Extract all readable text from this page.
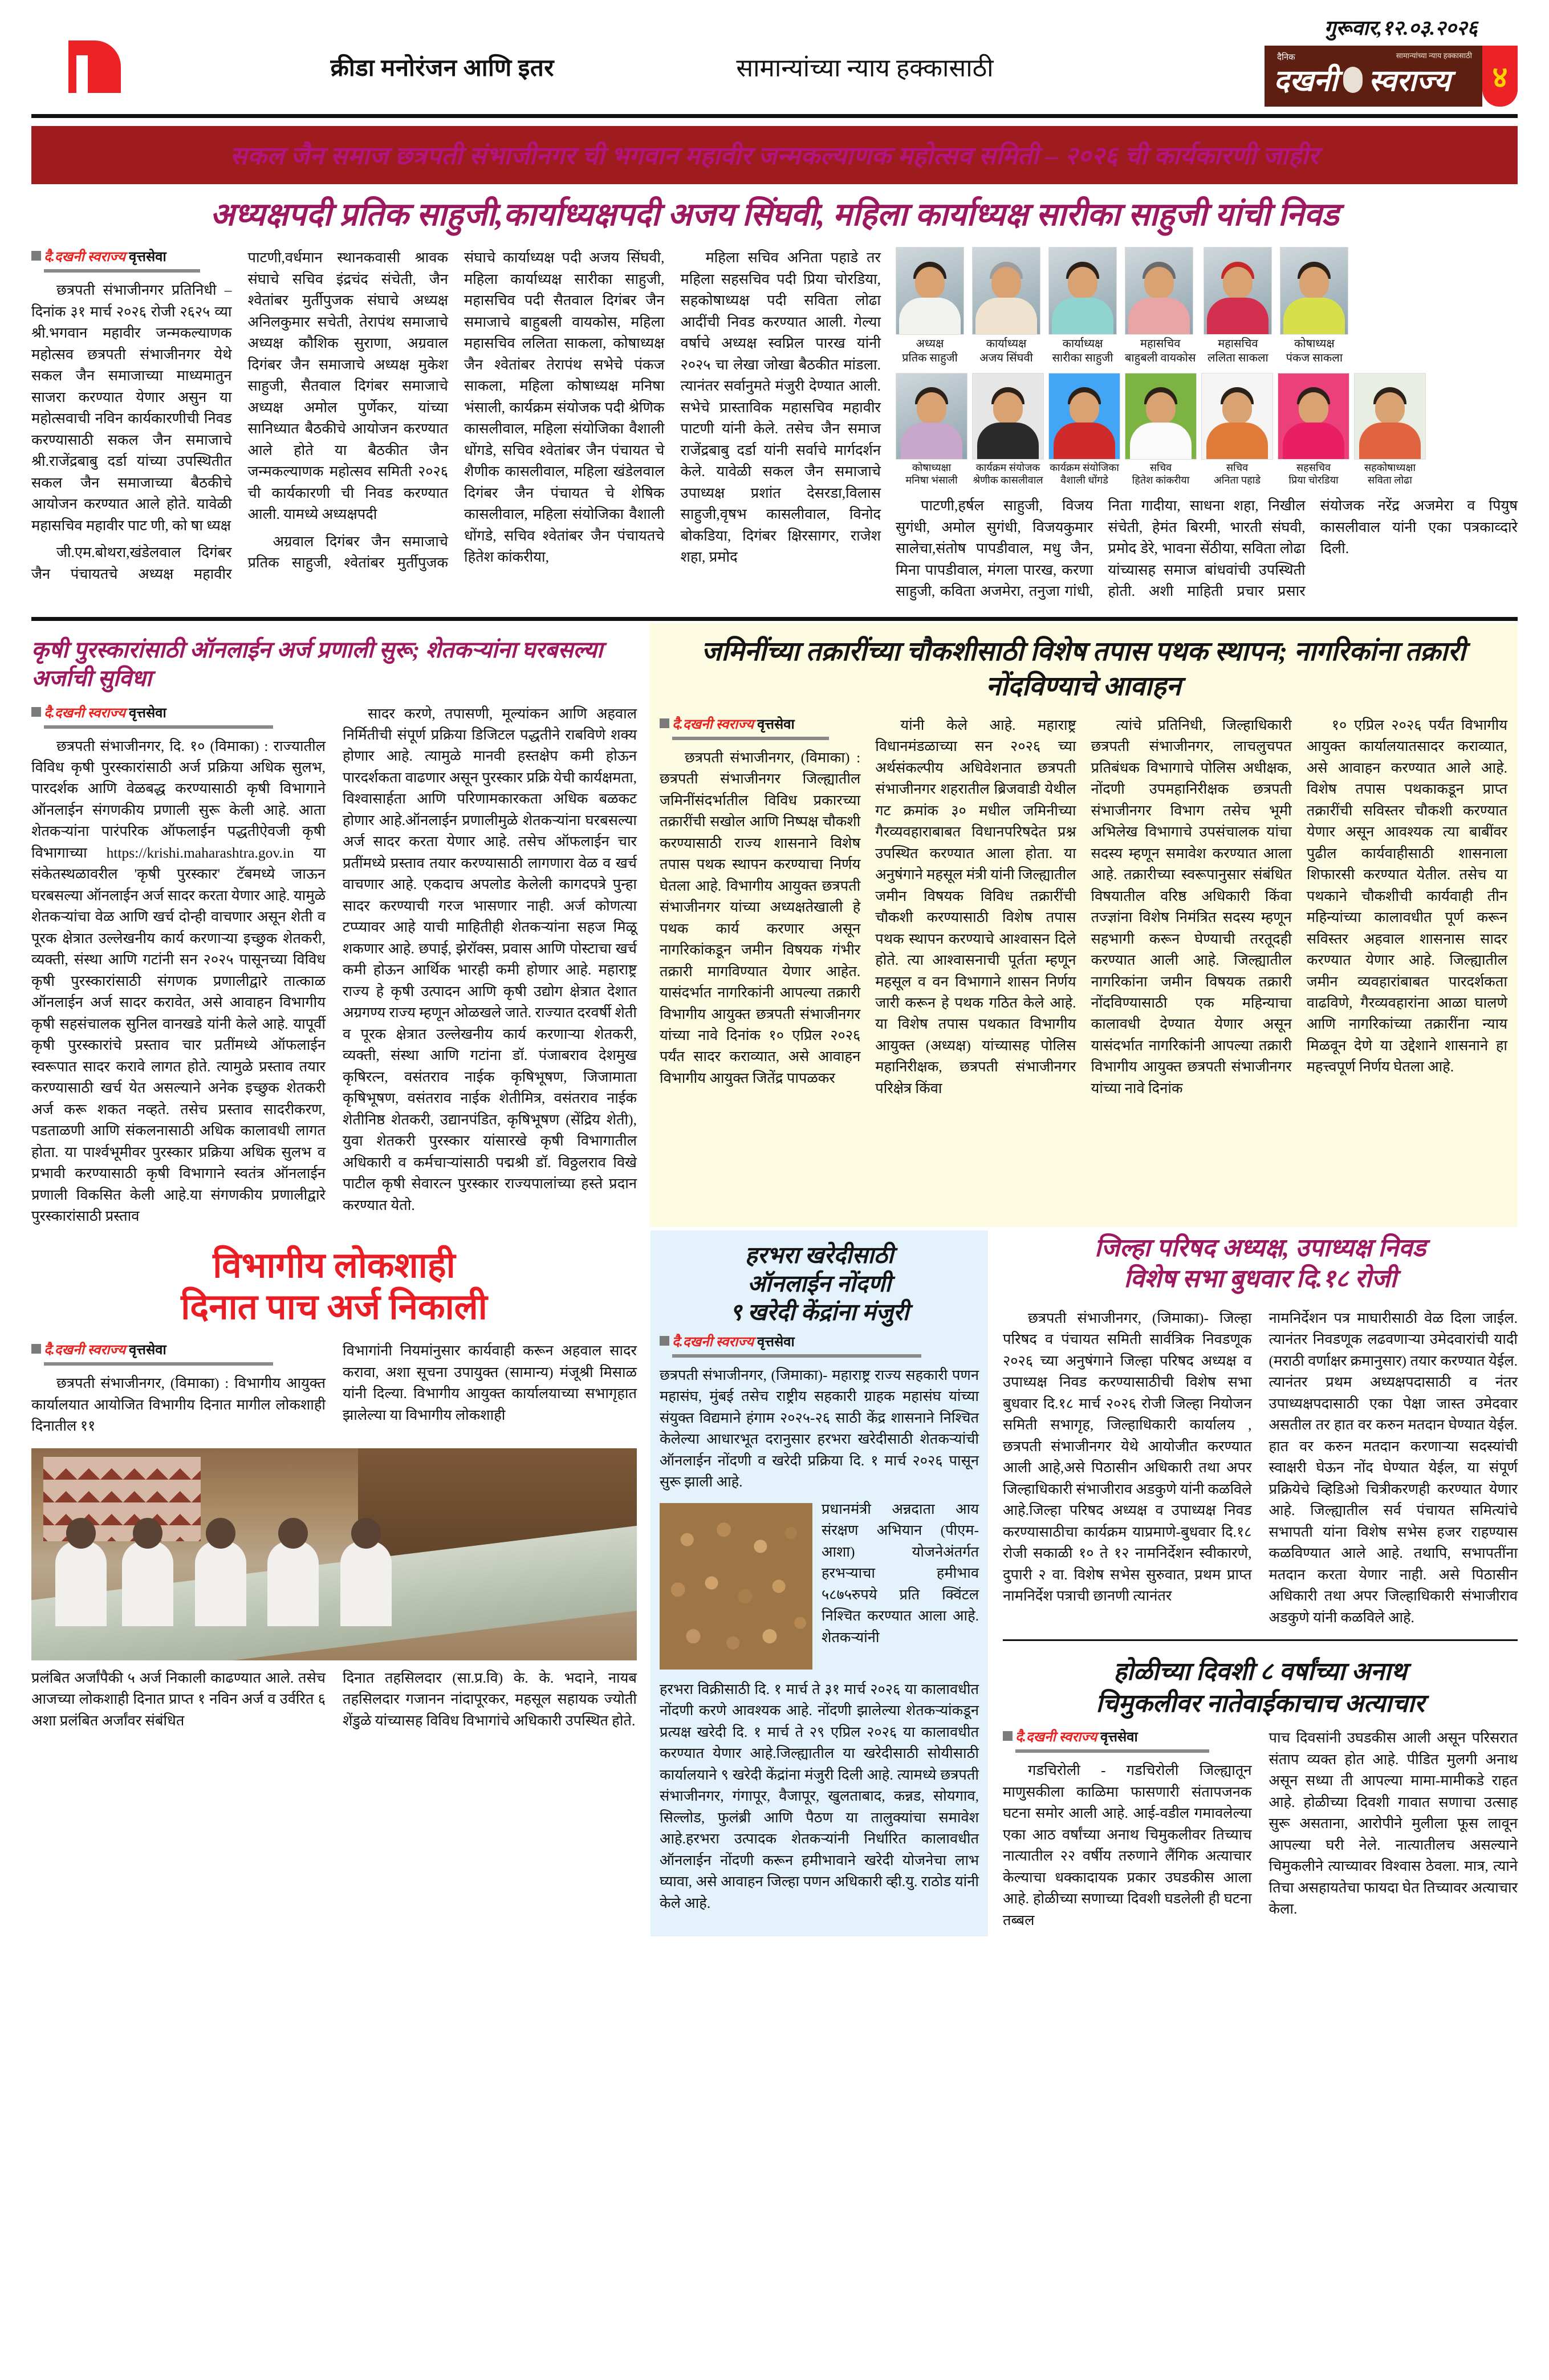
क्रीडा मनोरंजन आणि इतर	सामान्यांच्या न्याय हक्कासाठी
गुरूवार,१२.०३.२०२६
दैनिक	सामान्यांच्या न्याय हक्कासाठी
दखनी स्वराज्य	४
सकल जैन समाज छत्रपती संभाजीनगर ची भगवान महावीर जन्मकल्याणक महोत्सव समिती – २०२६ ची कार्यकारणी जाहीर
अध्यक्षपदी प्रतिक साहुजी,कार्याध्यक्षपदी अजय सिंघवी, महिला कार्याध्यक्ष सारीका साहुजी यांची निवड
दै.दखनी स्वराज्य वृत्तसेवा

छत्रपती संभाजीनगर प्रतिनिधी – दिनांक ३१ मार्च २०२६ रोजी २६२५ व्या श्री.भगवान महावीर जन्मकल्याणक महोत्सव छत्रपती संभाजीनगर येथे सकल जैन समाजाच्या माध्यमातुन साजरा करण्यात येणार असुन या महोत्सवाची नविन कार्यकारणीची निवड करण्यासाठी सकल जैन समाजाचे श्री.राजेंद्रबाबु दर्डा यांच्या उपस्थितीत सकल जैन समाजाच्या बैठकीचे आयोजन करण्यात आले होते. यावेळी महासचिव महावीर पाट णी, को षा ध्यक्ष

जी.एम.बोथरा,खंडेलवाल दिगंबर जैन पंचायतचे अध्यक्ष महावीर पाटणी,वर्धमान स्थानकवासी श्रावक संघाचे सचिव इंद्रचंद संचेती, जैन श्वेतांबर मुर्तीपुजक संघाचे अध्यक्ष अनिलकुमार सचेती, तेरापंथ समाजाचे अध्यक्ष कौशिक सुराणा, अग्रवाल दिगंबर जैन समाजाचे अध्यक्ष मुकेश साहुजी, सैतवाल दिगंबर समाजाचे अध्यक्ष अमोल पुर्णेकर, यांच्या सानिध्यात बैठकीचे आयोजन करण्यात आले होते या बैठकीत जैन जन्मकल्याणक महोत्सव समिती २०२६ ची कार्यकारणी ची निवड करण्यात आली. यामध्ये अध्यक्षपदी

अग्रवाल दिगंबर जैन समाजाचे प्रतिक साहुजी, श्वेतांबर मुर्तीपुजक संघाचे कार्याध्यक्ष पदी अजय सिंघवी, महिला कार्याध्यक्ष सारीका साहुजी, महासचिव पदी सैतवाल दिगंबर जैन समाजाचे बाहुबली वायकोस, महिला महासचिव ललिता साकला, कोषाध्यक्ष जैन श्वेतांबर तेरापंथ सभेचे पंकज साकला, महिला कोषाध्यक्ष मनिषा भंसाली, कार्यक्रम संयोजक पदी श्रेणिक कासलीवाल, महिला संयोजिका वैशाली धोंगडे, सचिव श्वेतांबर जैन पंचायत चे शैणीक कासलीवाल, महिला खंडेलवाल दिगंबर जैन पंचायत चे शेषिक कासलीवाल, महिला संयोजिका वैशाली धोंगडे, सचिव श्वेतांबर जैन पंचायतचे हितेश कांकरीया,

महिला सचिव अनिता पहाडे तर महिला सहसचिव पदी प्रिया चोरडिया, सहकोषाध्यक्ष पदी सविता लोढा आदींची निवड करण्यात आली. गेल्या वर्षाचे अध्यक्ष स्वप्निल पारख यांनी २०२५ चा लेखा जोखा बैठकीत मांडला. त्यानंतर सर्वानुमते मंजुरी देण्यात आली. सभेचे प्रास्ताविक महासचिव महावीर पाटणी यांनी केले. तसेच जैन समाज राजेंद्रबाबु दर्डा यांनी सर्वाचे मार्गदर्शन केले. यावेळी सकल जैन समाजाचे उपाध्यक्ष प्रशांत देसरडा,विलास साहुजी,वृषभ कासलीवाल, विनोद बोकडिया, दिगंबर क्षिरसागर, राजेश शहा, प्रमोद

अध्यक्ष
प्रतिक साहुजी
कार्याध्यक्ष
अजय सिंघवी
कार्याध्यक्ष
सारीका साहुजी
महासचिव
बाहुबली वायकोस
महासचिव
ललिता साकला
कोषाध्यक्ष
पंकज साकला
कोषाध्यक्षा
मनिषा भंसाली
कार्यक्रम संयोजक
श्रेणीक कासलीवाल
कार्यक्रम संयोजिका
वैशाली धोंगडे
सचिव
हितेश कांकरीया
सचिव
अनिता पहाडे
सहसचिव
प्रिया चोरडिया
सहकोषाध्यक्षा
सविता लोढा

पाटणी,हर्षल साहुजी, विजय सुगंधी, अमोल सुगंधी, विजयकुमार सालेचा,संतोष पापडीवाल, मधु जैन, मिना पापडीवाल, मंगला पारख, करणा साहुजी, कविता अजमेरा, तनुजा गांधी, निता गादीया, साधना शहा, निखील संचेती, हेमंत बिरमी, भारती संघवी, प्रमोद डेरे, भावना सेंठीया, सविता लोढा यांच्यासह समाज बांधवांची उपस्थिती होती. अशी माहिती प्रचार प्रसार संयोजक नरेंद्र अजमेरा व पियुष कासलीवाल यांनी एका पत्रकाव्दारे दिली.

कृषी पुरस्कारांसाठी ऑनलाईन अर्ज प्रणाली सुरू; शेतकऱ्यांना घरबसल्या अर्जाची सुविधा
दै.दखनी स्वराज्य वृत्तसेवा

छत्रपती संभाजीनगर, दि. १० (विमाका) : राज्यातील विविध कृषी पुरस्कारांसाठी अर्ज प्रक्रिया अधिक सुलभ, पारदर्शक आणि वेळबद्ध करण्यासाठी कृषी विभागाने ऑनलाईन संगणकीय प्रणाली सुरू केली आहे. आता शेतकऱ्यांना पारंपरिक ऑफलाईन पद्धतीऐवजी कृषी विभागाच्या https://krishi.maharashtra.gov.in या संकेतस्थळावरील 'कृषी पुरस्कार' टॅबमध्ये जाऊन घरबसल्या ऑनलाईन अर्ज सादर करता येणार आहे. यामुळे शेतकऱ्यांचा वेळ आणि खर्च दोन्ही वाचणार असून शेती व पूरक क्षेत्रात उल्लेखनीय कार्य करणाऱ्या इच्छुक शेतकरी, व्यक्ती, संस्था आणि गटांनी सन २०२५ पासूनच्या विविध कृषी पुरस्कारांसाठी संगणक प्रणालीद्वारे तात्काळ ऑनलाईन अर्ज सादर करावेत, असे आवाहन विभागीय कृषी सहसंचालक सुनिल वानखडे यांनी केले आहे. यापूर्वी कृषी पुरस्कारांचे प्रस्ताव चार प्रतींमध्ये ऑफलाईन स्वरूपात सादर करावे लागत होते. त्यामुळे प्रस्ताव तयार करण्यासाठी खर्च येत असल्याने अनेक इच्छुक शेतकरी अर्ज करू शकत नव्हते. तसेच प्रस्ताव सादरीकरण, पडताळणी आणि संकलनासाठी अधिक कालावधी लागत होता. या पार्श्वभूमीवर पुरस्कार प्रक्रिया अधिक सुलभ व प्रभावी करण्यासाठी कृषी विभागाने स्वतंत्र ऑनलाईन प्रणाली विकसित केली आहे.या संगणकीय प्रणालीद्वारे पुरस्कारांसाठी प्रस्ताव

सादर करणे, तपासणी, मूल्यांकन आणि अहवाल निर्मितीची संपूर्ण प्रक्रिया डिजिटल पद्धतीने राबविणे शक्य होणार आहे. त्यामुळे मानवी हस्तक्षेप कमी होऊन पारदर्शकता वाढणार असून पुरस्कार प्रक्रि येची कार्यक्षमता, विश्वासार्हता आणि परिणामकारकता अधिक बळकट होणार आहे.ऑनलाईन प्रणालीमुळे शेतकऱ्यांना घरबसल्या अर्ज सादर करता येणार आहे. तसेच ऑफलाईन चार प्रतींमध्ये प्रस्ताव तयार करण्यासाठी लागणारा वेळ व खर्च वाचणार आहे. एकदाच अपलोड केलेली कागदपत्रे पुन्हा सादर करण्याची गरज भासणार नाही. अर्ज कोणत्या टप्प्यावर आहे याची माहितीही शेतकऱ्यांना सहज मिळू शकणार आहे. छपाई, झेरॉक्स, प्रवास आणि पोस्टाचा खर्च कमी होऊन आर्थिक भारही कमी होणार आहे. महाराष्ट्र राज्य हे कृषी उत्पादन आणि कृषी उद्योग क्षेत्रात देशात अग्रगण्य राज्य म्हणून ओळखले जाते. राज्यात दरवर्षी शेती व पूरक क्षेत्रात उल्लेखनीय कार्य करणाऱ्या शेतकरी, व्यक्ती, संस्था आणि गटांना डॉ. पंजाबराव देशमुख कृषिरत्न, वसंतराव नाईक कृषिभूषण, जिजामाता कृषिभूषण, वसंतराव नाईक शेतीमित्र, वसंतराव नाईक शेतीनिष्ठ शेतकरी, उद्यानपंडित, कृषिभूषण (सेंद्रिय शेती), युवा शेतकरी पुरस्कार यांसारखे कृषी विभागातील अधिकारी व कर्मचाऱ्यांसाठी पद्मश्री डॉ. विठ्ठलराव विखे पाटील कृषी सेवारत्न पुरस्कार राज्यपालांच्या हस्ते प्रदान करण्यात येतो.

जमिनींच्या तक्रारींच्या चौकशीसाठी विशेष तपास पथक स्थापन; नागरिकांना तक्रारी नोंदविण्याचे आवाहन
दै.दखनी स्वराज्य वृत्तसेवा

छत्रपती संभाजीनगर, (विमाका) : छत्रपती संभाजीनगर जिल्ह्यातील जमिनींसंदर्भातील विविध प्रकारच्या तक्रारींची सखोल आणि निष्पक्ष चौकशी करण्यासाठी राज्य शासनाने विशेष तपास पथक स्थापन करण्याचा निर्णय घेतला आहे. विभागीय आयुक्त छत्रपती संभाजीनगर यांच्या अध्यक्षतेखाली हे पथक कार्य करणार असून नागरिकांकडून जमीन विषयक गंभीर तक्रारी मागविण्यात येणार आहेत. यासंदर्भात नागरिकांनी आपल्या तक्रारी विभागीय आयुक्त छत्रपती संभाजीनगर यांच्या नावे दिनांक १० एप्रिल २०२६ पर्यंत सादर कराव्यात, असे आवाहन विभागीय आयुक्त जितेंद्र पापळकर

यांनी केले आहे. महाराष्ट्र विधानमंडळाच्या सन २०२६ च्या अर्थसंकल्पीय अधिवेशनात छत्रपती संभाजीनगर शहरातील ब्रिजवाडी येथील गट क्रमांक ३० मधील जमिनीच्या गैरव्यवहाराबाबत विधानपरिषदेत प्रश्न उपस्थित करण्यात आला होता. या अनुषंगाने महसूल मंत्री यांनी जिल्ह्यातील जमीन विषयक विविध तक्रारींची चौकशी करण्यासाठी विशेष तपास पथक स्थापन करण्याचे आश्वासन दिले होते. त्या आश्वासनाची पूर्तता म्हणून महसूल व वन विभागाने शासन निर्णय जारी करून हे पथक गठित केले आहे. या विशेष तपास पथकात विभागीय आयुक्त (अध्यक्ष) यांच्यासह पोलिस महानिरीक्षक, छत्रपती संभाजीनगर परिक्षेत्र किंवा

त्यांचे प्रतिनिधी, जिल्हाधिकारी छत्रपती संभाजीनगर, लाचलुचपत प्रतिबंधक विभागाचे पोलिस अधीक्षक, नोंदणी उपमहानिरीक्षक छत्रपती संभाजीनगर विभाग तसेच भूमी अभिलेख विभागाचे उपसंचालक यांचा सदस्य म्हणून समावेश करण्यात आला आहे. तक्रारीच्या स्वरूपानुसार संबंधित विषयातील वरिष्ठ अधिकारी किंवा तज्ज्ञांना विशेष निमंत्रित सदस्य म्हणून सहभागी करून घेण्याची तरतूदही करण्यात आली आहे. जिल्ह्यातील नागरिकांना जमीन विषयक तक्रारी नोंदविण्यासाठी एक महिन्याचा कालावधी देण्यात येणार असून यासंदर्भात नागरिकांनी आपल्या तक्रारी विभागीय आयुक्त छत्रपती संभाजीनगर यांच्या नावे दिनांक

१० एप्रिल २०२६ पर्यंत विभागीय आयुक्त कार्यालयातसादर कराव्यात, असे आवाहन करण्यात आले आहे. विशेष तपास पथकाकडून प्राप्त तक्रारींची सविस्तर चौकशी करण्यात येणार असून आवश्यक त्या बाबींवर पुढील कार्यवाहीसाठी शासनाला शिफारसी करण्यात येतील. तसेच या पथकाने चौकशीची कार्यवाही तीन महिन्यांच्या कालावधीत पूर्ण करून सविस्तर अहवाल शासनास सादर करण्यात येणार आहे. जिल्ह्यातील जमीन व्यवहारांबाबत पारदर्शकता वाढविणे, गैरव्यवहारांना आळा घालणे आणि नागरिकांच्या तक्रारींना न्याय मिळवून देणे या उद्देशाने शासनाने हा महत्त्वपूर्ण निर्णय घेतला आहे.

विभागीय लोकशाही
दिनात पाच अर्ज निकाली
दै.दखनी स्वराज्य वृत्तसेवा

छत्रपती संभाजीनगर, (विमाका) : विभागीय आयुक्त कार्यालयात आयोजित विभागीय दिनात मागील लोकशाही दिनातील ११

विभागांनी नियमांनुसार कार्यवाही करून अहवाल सादर करावा, अशा सूचना उपायुक्त (सामान्य) मंजूश्री मिसाळ यांनी दिल्या. विभागीय आयुक्त कार्यालयाच्या सभागृहात झालेल्या या विभागीय लोकशाही

प्रलंबित अर्जांपैकी ५ अर्ज निकाली काढण्यात आले. तसेच आजच्या लोकशाही दिनात प्राप्त १ नविन अर्ज व उर्वरित ६ अशा प्रलंबित अर्जांवर संबंधित

दिनात तहसिलदार (सा.प्र.वि) के. के. भदाने, नायब तहसिलदार गजानन नांदापूरकर, महसूल सहायक ज्योती शेंडुळे यांच्यासह विविध विभागांचे अधिकारी उपस्थित होते.

हरभरा खरेदीसाठी
ऑनलाईन नोंदणी
९ खरेदी केंद्रांना मंजुरी
दै.दखनी स्वराज्य वृत्तसेवा

छत्रपती संभाजीनगर, (जिमाका)- महाराष्ट्र राज्य सहकारी पणन महासंघ, मुंबई तसेच राष्ट्रीय सहकारी ग्राहक महासंघ यांच्या संयुक्त विद्यमाने हंगाम २०२५-२६ साठी केंद्र शासनाने निश्चित केलेल्या आधारभूत दरानुसार हरभरा खरेदीसाठी शेतकऱ्यांची ऑनलाईन नोंदणी व खरेदी प्रक्रिया दि. १ मार्च २०२६ पासून सुरू झाली आहे.

प्रधानमंत्री अन्नदाता आय संरक्षण अभियान (पीएम-आशा) योजनेअंतर्गत हरभऱ्याचा हमीभाव ५८७५रुपये प्रति क्विंटल निश्चित करण्यात आला आहे. शेतकऱ्यांनी

हरभरा विक्रीसाठी दि. १ मार्च ते ३१ मार्च २०२६ या कालावधीत नोंदणी करणे आवश्यक आहे. नोंदणी झालेल्या शेतकऱ्यांकडून प्रत्यक्ष खरेदी दि. १ मार्च ते २९ एप्रिल २०२६ या कालावधीत करण्यात येणार आहे.जिल्ह्यातील या खरेदीसाठी सोयीसाठी कार्यालयाने ९ खरेदी केंद्रांना मंजुरी दिली आहे. त्यामध्ये छत्रपती संभाजीनगर, गंगापूर, वैजापूर, खुलताबाद, कन्नड, सोयगाव, सिल्लोड, फुलंब्री आणि पैठण या तालुक्यांचा समावेश आहे.हरभरा उत्पादक शेतकऱ्यांनी निर्धारित कालावधीत ऑनलाईन नोंदणी करून हमीभावाने खरेदी योजनेचा लाभ घ्यावा, असे आवाहन जिल्हा पणन अधिकारी व्ही.यु. राठोड यांनी केले आहे.

जिल्हा परिषद अध्यक्ष, उपाध्यक्ष निवड
विशेष सभा बुधवार दि.१८ रोजी

छत्रपती संभाजीनगर, (जिमाका)- जिल्हा परिषद व पंचायत समिती सार्वत्रिक निवडणूक २०२६ च्या अनुषंगाने जिल्हा परिषद अध्यक्ष व उपाध्यक्ष निवड करण्यासाठीची विशेष सभा बुधवार दि.१८ मार्च २०२६ रोजी जिल्हा नियोजन समिती सभागृह, जिल्हाधिकारी कार्यालय , छत्रपती संभाजीनगर येथे आयोजीत करण्यात आली आहे,असे पिठासीन अधिकारी तथा अपर जिल्हाधिकारी संभाजीराव अडकुणे यांनी कळविले आहे.जिल्हा परिषद अध्यक्ष व उपाध्यक्ष निवड करण्यासाठीचा कार्यक्रम याप्रमाणे-बुधवार दि.१८ रोजी सकाळी १० ते १२ नामनिर्देशन स्वीकारणे, दुपारी २ वा. विशेष सभेस सुरुवात, प्रथम प्राप्त नामनिर्देश पत्राची छानणी त्यानंतर

नामनिर्देशन पत्र माघारीसाठी वेळ दिला जाईल. त्यानंतर निवडणूक लढवणाऱ्या उमेदवारांची यादी (मराठी वर्णाक्षर क्रमानुसार) तयार करण्यात येईल. त्यानंतर प्रथम अध्यक्षपदासाठी व नंतर उपाध्यक्षपदासाठी एका पेक्षा जास्त उमेदवार असतील तर हात वर करुन मतदान घेण्यात येईल. हात वर करुन मतदान करणाऱ्या सदस्यांची स्वाक्षरी घेऊन नोंद घेण्यात येईल, या संपूर्ण प्रक्रियेचे व्हिडिओ चित्रीकरणही करण्यात येणार आहे. जिल्ह्यातील सर्व पंचायत समित्यांचे सभापती यांना विशेष सभेस हजर राहण्यास कळविण्यात आले आहे. तथापि, सभापतींना मतदान करता येणार नाही. असे पिठासीन अधिकारी तथा अपर जिल्हाधिकारी संभाजीराव अडकुणे यांनी कळविले आहे.

होळीच्या दिवशी ८ वर्षांच्या अनाथ
चिमुकलीवर नातेवाईकाचाच अत्याचार
दै.दखनी स्वराज्य वृत्तसेवा

गडचिरोली - गडचिरोली जिल्ह्यातून माणुसकीला काळिमा फासणारी संतापजनक घटना समोर आली आहे. आई-वडील गमावलेल्या एका आठ वर्षांच्या अनाथ चिमुकलीवर तिच्याच नात्यातील २२ वर्षीय तरुणाने लैंगिक अत्याचार केल्याचा धक्कादायक प्रकार उघडकीस आला आहे. होळीच्या सणाच्या दिवशी घडलेली ही घटना तब्बल

पाच दिवसांनी उघडकीस आली असून परिसरात संताप व्यक्त होत आहे. पीडित मुलगी अनाथ असून सध्या ती आपल्या मामा-मामीकडे राहत आहे. होळीच्या दिवशी गावात सणाचा उत्साह सुरू असताना, आरोपीने मुलीला फूस लावून आपल्या घरी नेले. नात्यातीलच असल्याने चिमुकलीने त्याच्यावर विश्वास ठेवला. मात्र, त्याने तिचा असहायतेचा फायदा घेत तिच्यावर अत्याचार केला.
